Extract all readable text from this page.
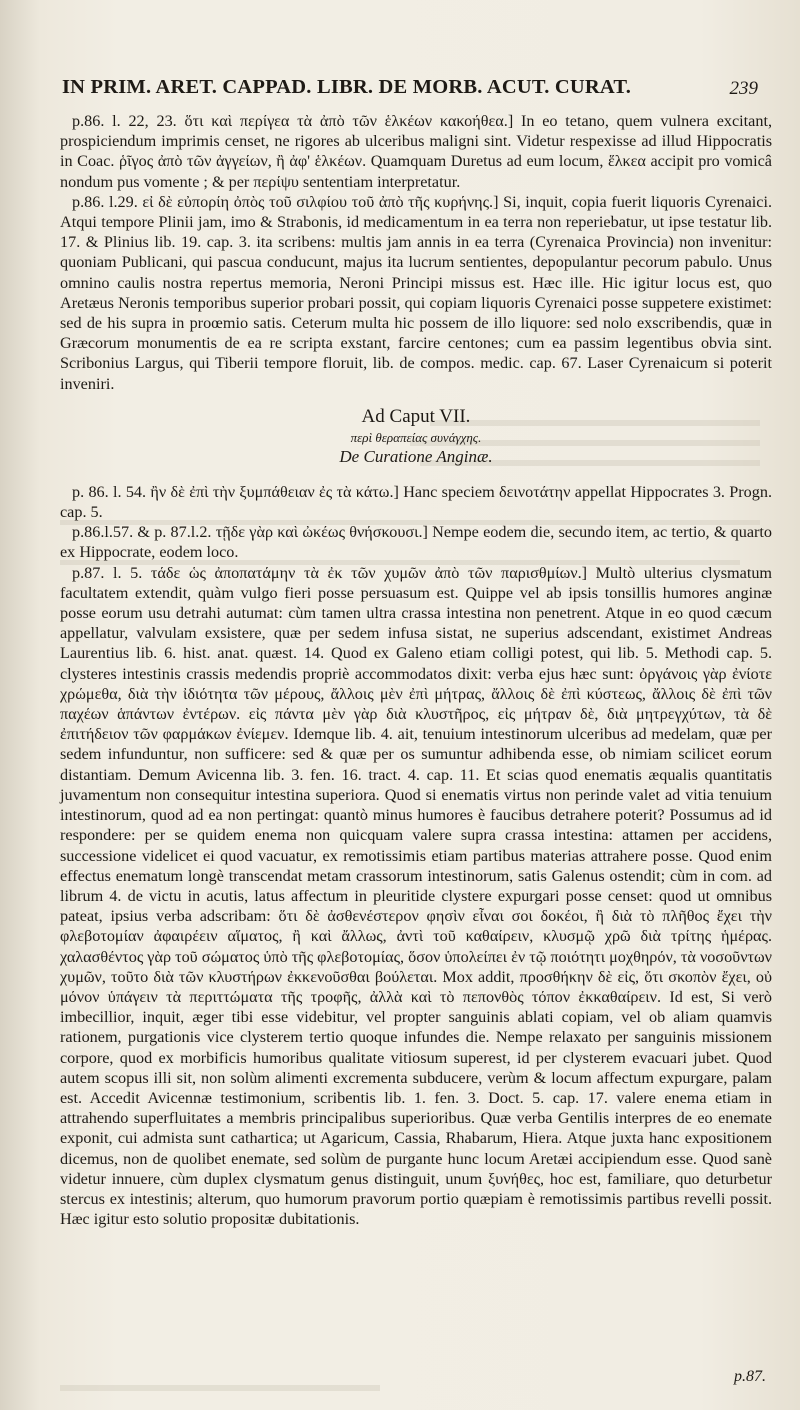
IN PRIM. ARET. CAPPAD. LIBR. DE MORB. ACUT. CURAT.	239

p.86. l. 22, 23. ὅτι καὶ περίγεα τὰ ἀπὸ τῶν ἑλκέων κακοήθεα.] In eo tetano, quem vulnera excitant, prospiciendum imprimis censet, ne rigores ab ulceribus maligni sint. Videtur respexisse ad illud Hippocratis in Coac. ῥῖγος ἀπὸ τῶν ἀγγείων, ἢ ἀφ' ἑλκέων. Quamquam Duretus ad eum locum, ἕλκεα accipit pro vomicâ nondum pus vomente ; & per περίψυ sententiam interpretatur.

p.86. l.29. εἰ δὲ εὐπορίη ὀπὸς τοῦ σιλφίου τοῦ ἀπὸ τῆς κυρήνης.] Si, inquit, copia fuerit liquoris Cyrenaici. Atqui tempore Plinii jam, imo & Strabonis, id medicamentum in ea terra non reperiebatur, ut ipse testatur lib. 17. & Plinius lib. 19. cap. 3. ita scribens: multis jam annis in ea terra (Cyrenaica Provincia) non invenitur: quoniam Publicani, qui pascua conducunt, majus ita lucrum sentientes, depopulantur pecorum pabulo. Unus omnino caulis nostra repertus memoria, Neroni Principi missus est. Hæc ille. Hic igitur locus est, quo Aretæus Neronis temporibus superior probari possit, qui copiam liquoris Cyrenaici posse suppetere existimet: sed de his supra in proœmio satis. Ceterum multa hic possem de illo liquore: sed nolo exscribendis, quæ in Græcorum monumentis de ea re scripta exstant, farcire centones; cum ea passim legentibus obvia sint. Scribonius Largus, qui Tiberii tempore floruit, lib. de compos. medic. cap. 67. Laser Cyrenaicum si poterit inveniri.

Ad Caput VII.
περὶ θεραπείας συνάγχης.
De Curatione Anginæ.

p. 86. l. 54. ἢν δὲ ἐπὶ τὴν ξυμπάθειαν ἐς τὰ κάτω.] Hanc speciem δεινοτάτην appellat Hippocrates 3. Progn. cap. 5.

p.86.l.57. & p. 87.l.2. τῇδε γὰρ καὶ ὠκέως θνήσκουσι.] Nempe eodem die, secundo item, ac tertio, & quarto ex Hippocrate, eodem loco.

p.87. l. 5. τάδε ὡς ἀποπατάμην τὰ ἐκ τῶν χυμῶν ἀπὸ τῶν παρισθμίων.] Multò ulterius clysmatum facultatem extendit, quàm vulgo fieri posse persuasum est. Quippe vel ab ipsis tonsillis humores anginæ posse eorum usu detrahi autumat: cùm tamen ultra crassa intestina non penetrent. Atque in eo quod cæcum appellatur, valvulam exsistere, quæ per sedem infusa sistat, ne superius adscendant, existimet Andreas Laurentius lib. 6. hist. anat. quæst. 14. Quod ex Galeno etiam colligi potest, qui lib. 5. Methodi cap. 5. clysteres intestinis crassis medendis propriè accommodatos dixit: verba ejus hæc sunt: ὀργάνοις γὰρ ἐνίοτε χρώμεθα, διὰ τὴν ἰδιότητα τῶν μέρους, ἄλλοις μὲν ἐπὶ μήτρας, ἄλλοις δὲ ἐπὶ κύστεως, ἄλλοις δὲ ἐπὶ τῶν παχέων ἁπάντων ἐντέρων. εἰς πάντα μὲν γὰρ διὰ κλυστῆρος, εἰς μήτραν δὲ, διὰ μητρεγχύτων, τὰ δὲ ἐπιτήδειον τῶν φαρμάκων ἐνίεμεν. Idemque lib. 4. ait, tenuium intestinorum ulceribus ad medelam, quæ per sedem infunduntur, non sufficere: sed & quæ per os sumuntur adhibenda esse, ob nimiam scilicet eorum distantiam. Demum Avicenna lib. 3. fen. 16. tract. 4. cap. 11. Et scias quod enematis æqualis quantitatis juvamentum non consequitur intestina superiora. Quod si enematis virtus non perinde valet ad vitia tenuium intestinorum, quod ad ea non pertingat: quantò minus humores è faucibus detrahere poterit? Possumus ad id respondere: per se quidem enema non quicquam valere supra crassa intestina: attamen per accidens, successione videlicet ei quod vacuatur, ex remotissimis etiam partibus materias attrahere posse. Quod enim effectus enematum longè transcendat metam crassorum intestinorum, satis Galenus ostendit; cùm in com. ad librum 4. de victu in acutis, latus affectum in pleuritide clystere expurgari posse censet: quod ut omnibus pateat, ipsius verba adscribam: ὅτι δὲ ἀσθενέστερον φησὶν εἶναι σοι δοκέοι, ἢ διὰ τὸ πλῆθος ἔχει τὴν φλεβοτομίαν ἀφαιρέειν αἵματος, ἢ καὶ ἄλλως, ἀντὶ τοῦ καθαίρειν, κλυσμῷ χρῶ διὰ τρίτης ἡμέρας. χαλασθέντος γὰρ τοῦ σώματος ὑπὸ τῆς φλεβοτομίας, ὅσον ὑπολείπει ἐν τῷ ποιότητι μοχθηρόν, τὰ νοσοῦντων χυμῶν, τοῦτο διὰ τῶν κλυστήρων ἐκκενοῦσθαι βούλεται. Mox addit, προσθήκην δὲ εἰς, ὅτι σκοπὸν ἔχει, οὐ μόνον ὑπάγειν τὰ περιττώματα τῆς τροφῆς, ἀλλὰ καὶ τὸ πεπονθὸς τόπον ἐκκαθαίρειν. Id est, Si verò imbecillior, inquit, æger tibi esse videbitur, vel propter sanguinis ablati copiam, vel ob aliam quamvis rationem, purgationis vice clysterem tertio quoque infundes die. Nempe relaxato per sanguinis missionem corpore, quod ex morbificis humoribus qualitate vitiosum superest, id per clysterem evacuari jubet. Quod autem scopus illi sit, non solùm alimenti excrementa subducere, verùm & locum affectum expurgare, palam est. Accedit Avicennæ testimonium, scribentis lib. 1. fen. 3. Doct. 5. cap. 17. valere enema etiam in attrahendo superfluitates a membris principalibus superioribus. Quæ verba Gentilis interpres de eo enemate exponit, cui admista sunt cathartica; ut Agaricum, Cassia, Rhabarum, Hiera. Atque juxta hanc expositionem dicemus, non de quolibet enemate, sed solùm de purgante hunc locum Aretæi accipiendum esse. Quod sanè videtur innuere, cùm duplex clysmatum genus distinguit, unum ξυνήθες, hoc est, familiare, quo deturbetur stercus ex intestinis; alterum, quo humorum pravorum portio quæpiam è remotissimis partibus revelli possit. Hæc igitur esto solutio propositæ dubitationis.

p.87.
